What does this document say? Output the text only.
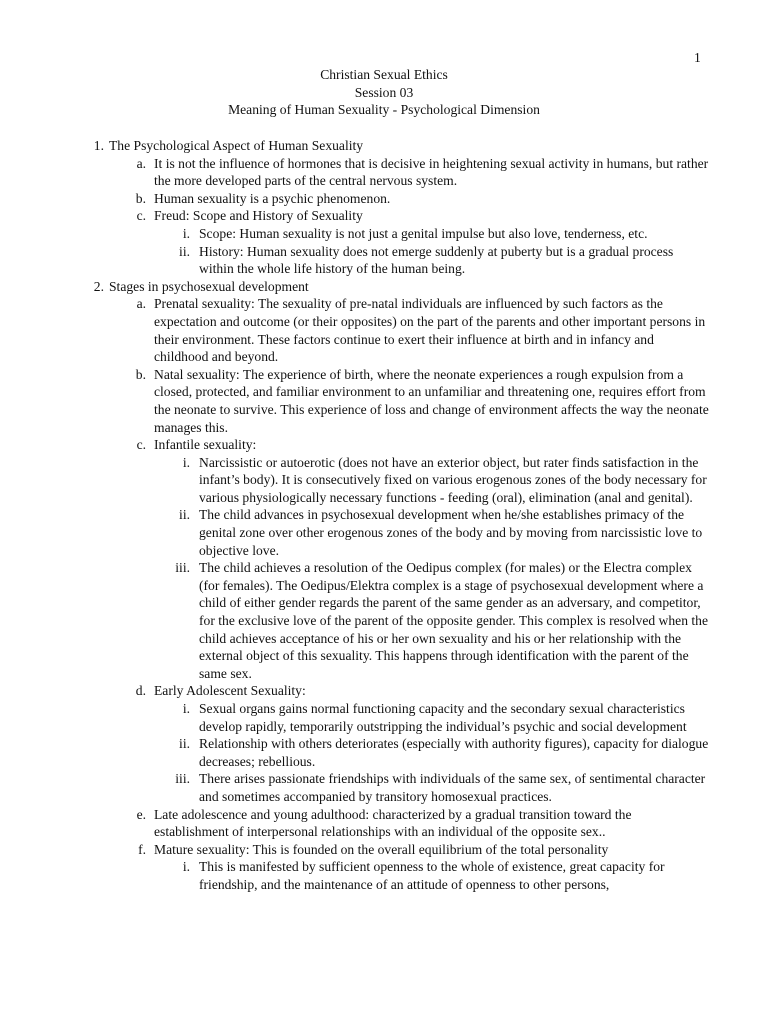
1
Christian Sexual Ethics
Session 03
Meaning of Human Sexuality - Psychological Dimension
1. The Psychological Aspect of Human Sexuality
a. It is not the influence of hormones that is decisive in heightening sexual activity in humans, but rather the more developed parts of the central nervous system.
b. Human sexuality is a psychic phenomenon.
c. Freud: Scope and History of Sexuality
i. Scope: Human sexuality is not just a genital impulse but also love, tenderness, etc.
ii. History: Human sexuality does not emerge suddenly at puberty but is a gradual process within the whole life history of the human being.
2. Stages in psychosexual development
a. Prenatal sexuality: The sexuality of pre-natal individuals are influenced by such factors as the expectation and outcome (or their opposites) on the part of the parents and other important persons in their environment. These factors continue to exert their influence at birth and in infancy and childhood and beyond.
b. Natal sexuality: The experience of birth, where the neonate experiences a rough expulsion from a closed, protected, and familiar environment to an unfamiliar and threatening one, requires effort from the neonate to survive. This experience of loss and change of environment affects the way the neonate manages this.
c. Infantile sexuality:
i. Narcissistic or autoerotic (does not have an exterior object, but rater finds satisfaction in the infant’s body). It is consecutively fixed on various erogenous zones of the body necessary for various physiologically necessary functions - feeding (oral), elimination (anal and genital).
ii. The child advances in psychosexual development when he/she establishes primacy of the genital zone over other erogenous zones of the body and by moving from narcissistic love to objective love.
iii. The child achieves a resolution of the Oedipus complex (for males) or the Electra complex (for females). The Oedipus/Elektra complex is a stage of psychosexual development where a child of either gender regards the parent of the same gender as an adversary, and competitor, for the exclusive love of the parent of the opposite gender. This complex is resolved when the child achieves acceptance of his or her own sexuality and his or her relationship with the external object of this sexuality. This happens through identification with the parent of the same sex.
d. Early Adolescent Sexuality:
i. Sexual organs gains normal functioning capacity and the secondary sexual characteristics develop rapidly, temporarily outstripping the individual’s psychic and social development
ii. Relationship with others deteriorates (especially with authority figures), capacity for dialogue decreases; rebellious.
iii. There arises passionate friendships with individuals of the same sex, of sentimental character and sometimes accompanied by transitory homosexual practices.
e. Late adolescence and young adulthood: characterized by a gradual transition toward the establishment of interpersonal relationships with an individual of the opposite sex..
f. Mature sexuality: This is founded on the overall equilibrium of the total personality
i. This is manifested by sufficient openness to the whole of existence, great capacity for friendship, and the maintenance of an attitude of openness to other persons,
